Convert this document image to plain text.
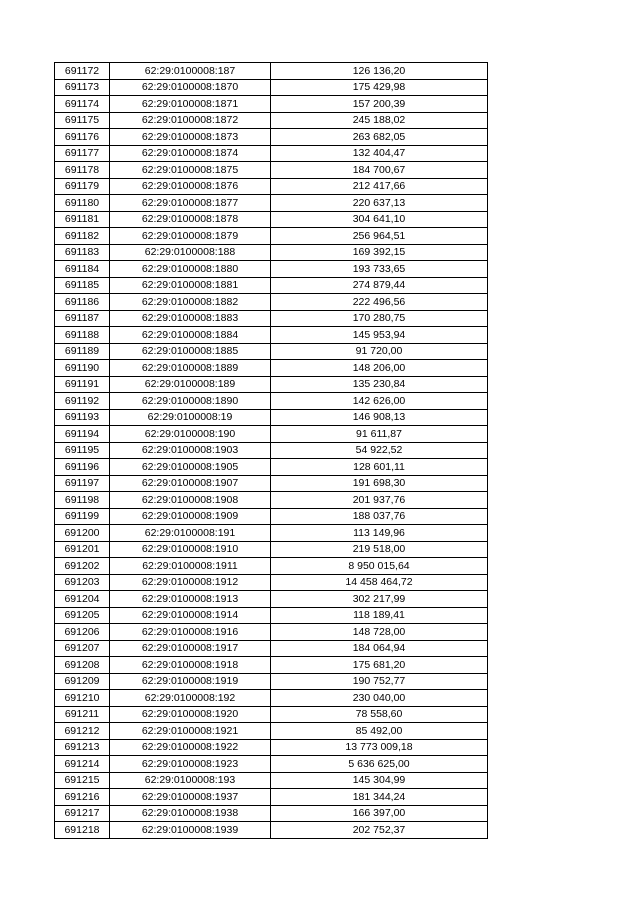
691172	62:29:0100008:187	126 136,20
691173	62:29:0100008:1870	175 429,98
691174	62:29:0100008:1871	157 200,39
691175	62:29:0100008:1872	245 188,02
691176	62:29:0100008:1873	263 682,05
691177	62:29:0100008:1874	132 404,47
691178	62:29:0100008:1875	184 700,67
691179	62:29:0100008:1876	212 417,66
691180	62:29:0100008:1877	220 637,13
691181	62:29:0100008:1878	304 641,10
691182	62:29:0100008:1879	256 964,51
691183	62:29:0100008:188	169 392,15
691184	62:29:0100008:1880	193 733,65
691185	62:29:0100008:1881	274 879,44
691186	62:29:0100008:1882	222 496,56
691187	62:29:0100008:1883	170 280,75
691188	62:29:0100008:1884	145 953,94
691189	62:29:0100008:1885	91 720,00
691190	62:29:0100008:1889	148 206,00
691191	62:29:0100008:189	135 230,84
691192	62:29:0100008:1890	142 626,00
691193	62:29:0100008:19	146 908,13
691194	62:29:0100008:190	91 611,87
691195	62:29:0100008:1903	54 922,52
691196	62:29:0100008:1905	128 601,11
691197	62:29:0100008:1907	191 698,30
691198	62:29:0100008:1908	201 937,76
691199	62:29:0100008:1909	188 037,76
691200	62:29:0100008:191	113 149,96
691201	62:29:0100008:1910	219 518,00
691202	62:29:0100008:1911	8 950 015,64
691203	62:29:0100008:1912	14 458 464,72
691204	62:29:0100008:1913	302 217,99
691205	62:29:0100008:1914	118 189,41
691206	62:29:0100008:1916	148 728,00
691207	62:29:0100008:1917	184 064,94
691208	62:29:0100008:1918	175 681,20
691209	62:29:0100008:1919	190 752,77
691210	62:29:0100008:192	230 040,00
691211	62:29:0100008:1920	78 558,60
691212	62:29:0100008:1921	85 492,00
691213	62:29:0100008:1922	13 773 009,18
691214	62:29:0100008:1923	5 636 625,00
691215	62:29:0100008:193	145 304,99
691216	62:29:0100008:1937	181 344,24
691217	62:29:0100008:1938	166 397,00
691218	62:29:0100008:1939	202 752,37
